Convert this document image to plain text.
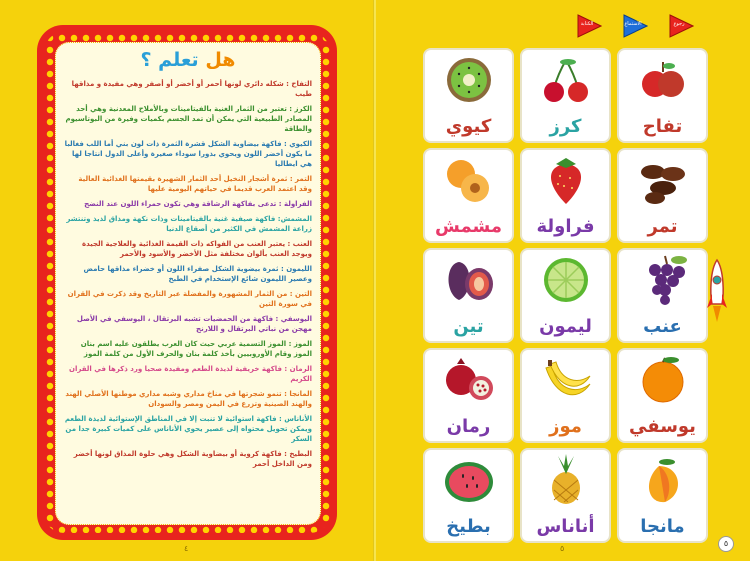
هل تعلم ؟

التفاح : شكله دائري لونها أحمر أو أخضر أو أصفر وهي مفيدة و مذاقها طيب

الكرز : تعتبر من الثمار الغنية بالفيتامينات وبالأملاح المعدنية وهي أحد المصادر الطبيعية التي يمكن أن تمد الجسم بكميات وفيرة من البوتاسيوم والطاقة

الكيوي : فاكهة بيضاوية الشكل قشرة الثمرة ذات لون بني أما اللب فغالبا ما يكون أخضر اللون ويحوي بذورا سوداء صغيرة وأعلى الدول انتاجا لها هي ايطاليا

التمر : ثمرة أشجار النخيل أحد الثمار الشهيرة بقيمتها الغذائية العالية وقد اعتمد العرب قديما في حياتهم اليومية عليها

الفراولة : تدعى بفاكهة الرشاقة وهي تكون حمراء اللون عند النضج

المشمش: فاكهة صيفية غنية بالفيتامينات وذات نكهة ومذاق لذيذ وتنتشر زراعة المشمش في الكثير من أصقاع الدنيا

العنب : يعتبر العنب من الفواكه ذات القيمة الغذائية والعلاجية الجيدة ويوجد العنب بألوان مختلفة مثل الأخضر والأسود والأحمر

الليمون : ثمرة بيضوية الشكل صفراء اللون أو خضراء مذاقها حامض وعصير الليمون شائع الإستخدام في الطبخ

التين : من الثمار المشهورة والمفضلة عبر التاريخ وقد ذكرت في القران في سورة التين

اليوسفي : فاكهة من الحمضيات تشبه البرتقال ، اليوسفي في الأصل مهجن من نباتي البرتقال و اللارنج

الموز : الموز التسمية عربي حيث كان العرب يطلقون عليه اسم بنان الموز وقام الأوروبيين بأخذ كلمة بنان والحرف الأول من كلمة الموز

الرمان : فاكهة خريفية لذيذة الطعم ومفيدة صحيا ورد ذكرها في القران الكريم

المانجا : تنمو شجرتها في مناخ مداري وشبه مداري موطنها الأصلي الهند والهند الصينية وتزرع في اليمن ومصر والسودان

الأناناس : فاكهة استوائية لا تنبت إلا في المناطق الإستوائية لذيذة الطعم ويمكن تحويل محتواه إلى عصير يحوي الأناناس على كميات كبيرة جدا من السكر

البطيخ : فاكهة كروية أو بيضاوية الشكل وهي حلوة المذاق لونها أخضر ومن الداخل أحمر

٤
رجوع
الاستماع
الكتابة
تفاح
كرز
كيوي
تمر
فراولة
مشمش
عنب
ليمون
تين
يوسفي
موز
رمان
مانجا
أناناس
بطيخ
٥
٥
